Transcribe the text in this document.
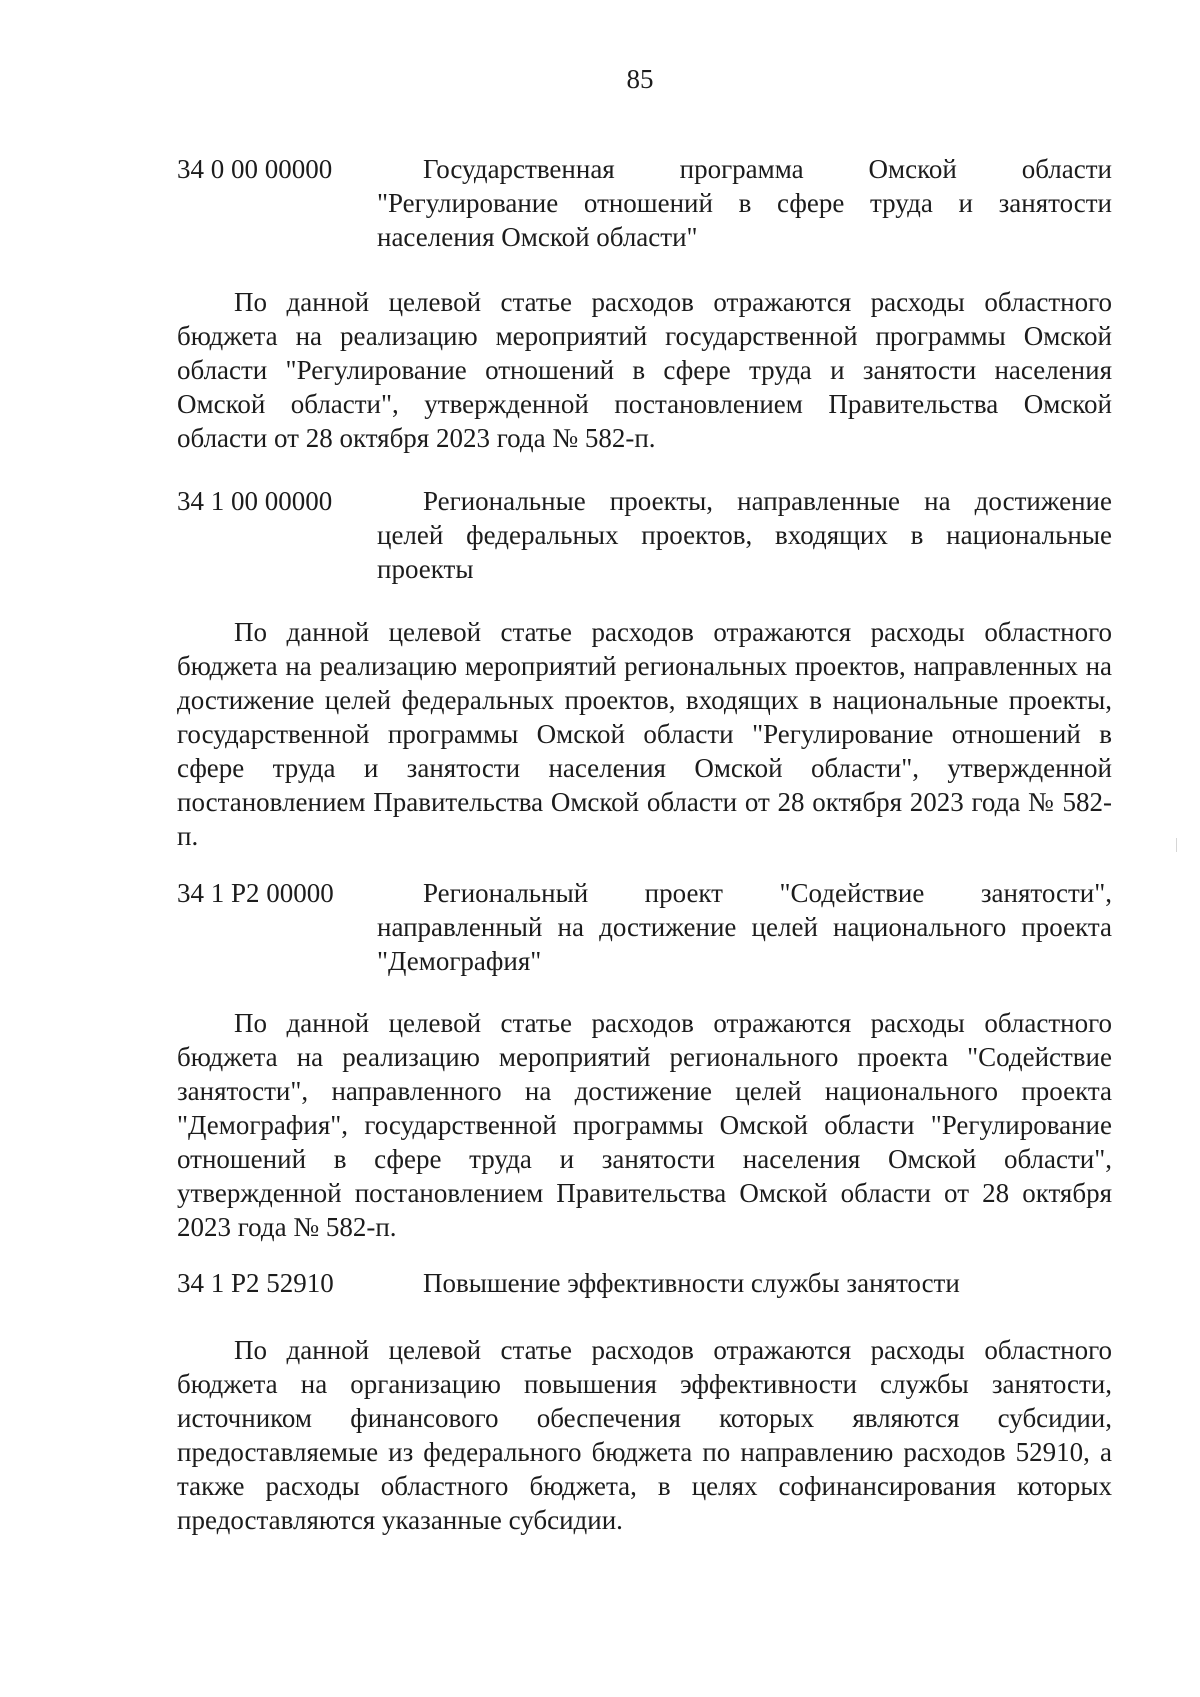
85
34 0 00 00000	Государственная программа Омской области "Регулирование отношений в сфере труда и занятости населения Омской области"

По данной целевой статье расходов отражаются расходы областного бюджета на реализацию мероприятий государственной программы Омской области "Регулирование отношений в сфере труда и занятости населения Омской области", утвержденной постановлением Правительства Омской области от 28 октября 2023 года № 582-п.

34 1 00 00000	Региональные проекты, направленные на достижение целей федеральных проектов, входящих в национальные проекты

По данной целевой статье расходов отражаются расходы областного бюджета на реализацию мероприятий региональных проектов, направленных на достижение целей федеральных проектов, входящих в национальные проекты, государственной программы Омской области "Регулирование отношений в сфере труда и занятости населения Омской области", утвержденной постановлением Правительства Омской области от 28 октября 2023 года № 582-п.

34 1 Р2 00000	Региональный проект "Содействие занятости", направленный на достижение целей национального проекта "Демография"

По данной целевой статье расходов отражаются расходы областного бюджета на реализацию мероприятий регионального проекта "Содействие занятости", направленного на достижение целей национального проекта "Демография", государственной программы Омской области "Регулирование отношений в сфере труда и занятости населения Омской области", утвержденной постановлением Правительства Омской области от 28 октября 2023 года № 582-п.

34 1 Р2 52910	Повышение эффективности службы занятости

По данной целевой статье расходов отражаются расходы областного бюджета на организацию повышения эффективности службы занятости, источником финансового обеспечения которых являются субсидии, предоставляемые из федерального бюджета по направлению расходов 52910, а также расходы областного бюджета, в целях софинансирования которых предоставляются указанные субсидии.
